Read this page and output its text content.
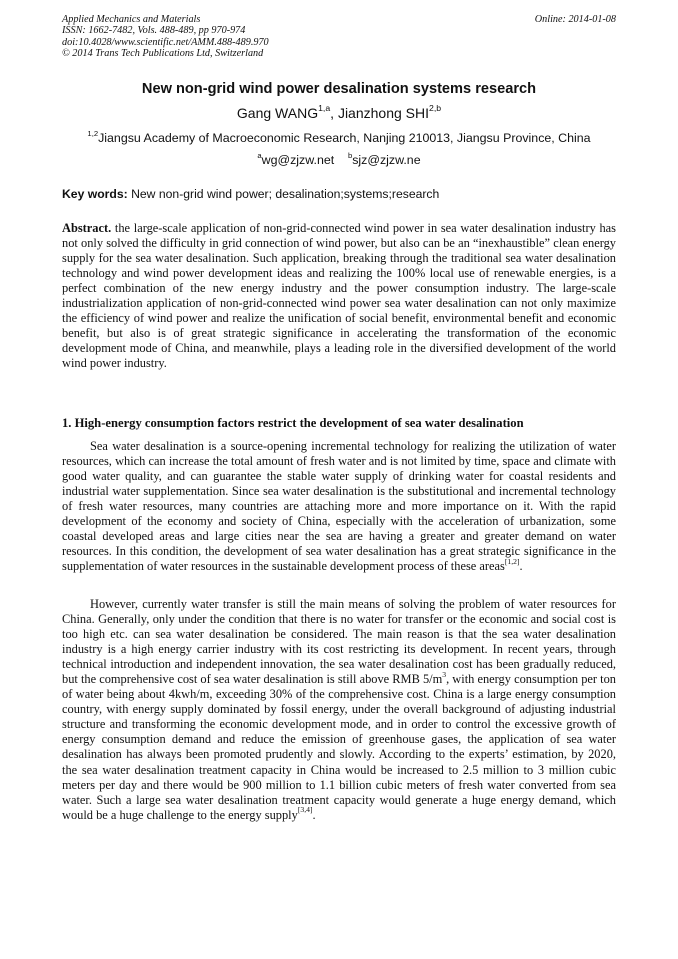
Applied Mechanics and Materials
ISSN: 1662-7482, Vols. 488-489, pp 970-974
doi:10.4028/www.scientific.net/AMM.488-489.970
© 2014 Trans Tech Publications Ltd, Switzerland
Online: 2014-01-08
New non-grid wind power desalination systems research
Gang WANG$^{1,a}$, Jianzhong SHI$^{2,b}$
$^{1,2}$Jiangsu Academy of Macroeconomic Research, Nanjing 210013, Jiangsu Province, China
$^a$wg@zjzw.net $^b$sjz@zjzw.ne
Key words: New non-grid wind power; desalination;systems;research

Abstract. the large-scale application of non-grid-connected wind power in sea water desalination industry has not only solved the difficulty in grid connection of wind power, but also can be an “inexhaustible” clean energy supply for the sea water desalination. Such application, breaking through the traditional sea water desalination technology and wind power development ideas and realizing the 100% local use of renewable energies, is a perfect combination of the new energy industry and the power consumption industry. The large-scale industrialization application of non-grid-connected wind power sea water desalination can not only maximize the efficiency of wind power and realize the unification of social benefit, environmental benefit and economic benefit, but also is of great strategic significance in accelerating the transformation of the economic development mode of China, and meanwhile, plays a leading role in the diversified development of the world wind power industry.

1. High-energy consumption factors restrict the development of sea water desalination

Sea water desalination is a source-opening incremental technology for realizing the utilization of water resources, which can increase the total amount of fresh water and is not limited by time, space and climate with good water quality, and can guarantee the stable water supply of drinking water for coastal residents and industrial water supplementation. Since sea water desalination is the substitutional and incremental technology of fresh water resources, many countries are attaching more and more importance on it. With the rapid development of the economy and society of China, especially with the acceleration of urbanization, some coastal developed areas and large cities near the sea are having a greater and greater demand on water resources. In this condition, the development of sea water desalination has a great strategic significance in the supplementation of water resources in the sustainable development process of these areas[1,2].

However, currently water transfer is still the main means of solving the problem of water resources for China. Generally, only under the condition that there is no water for transfer or the economic and social cost is too high etc. can sea water desalination be considered. The main reason is that the sea water desalination industry is a high energy carrier industry with its cost restricting its development. In recent years, through technical introduction and independent innovation, the sea water desalination cost has been gradually reduced, but the comprehensive cost of sea water desalination is still above RMB $5/m^3$, with energy consumption per ton of water being about 4kwh/m, exceeding 30% of the comprehensive cost. China is a large energy consumption country, with energy supply dominated by fossil energy, under the overall background of adjusting industrial structure and transforming the economic development mode, and in order to control the excessive growth of energy consumption demand and reduce the emission of greenhouse gases, the application of sea water desalination has always been promoted prudently and slowly. According to the experts’ estimation, by 2020, the sea water desalination treatment capacity in China would be increased to 2.5 million to 3 million cubic meters per day and there would be 900 million to 1.1 billion cubic meters of fresh water converted from sea water. Such a large sea water desalination treatment capacity would generate a huge energy demand, which would be a huge challenge to the energy supply[3,4].
